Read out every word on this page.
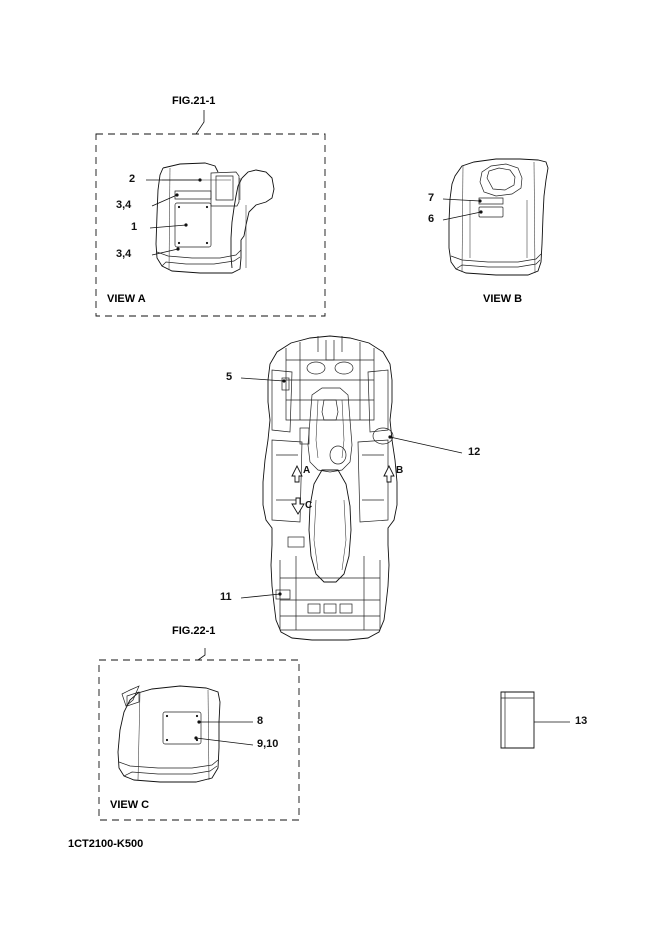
FIG.21-1
FIG.22-1
VIEW A	VIEW B
VIEW C
2
3,4
1
3,4
7
6
8
9,10
5
12
11
13
A	B
C
1CT2100-K500
